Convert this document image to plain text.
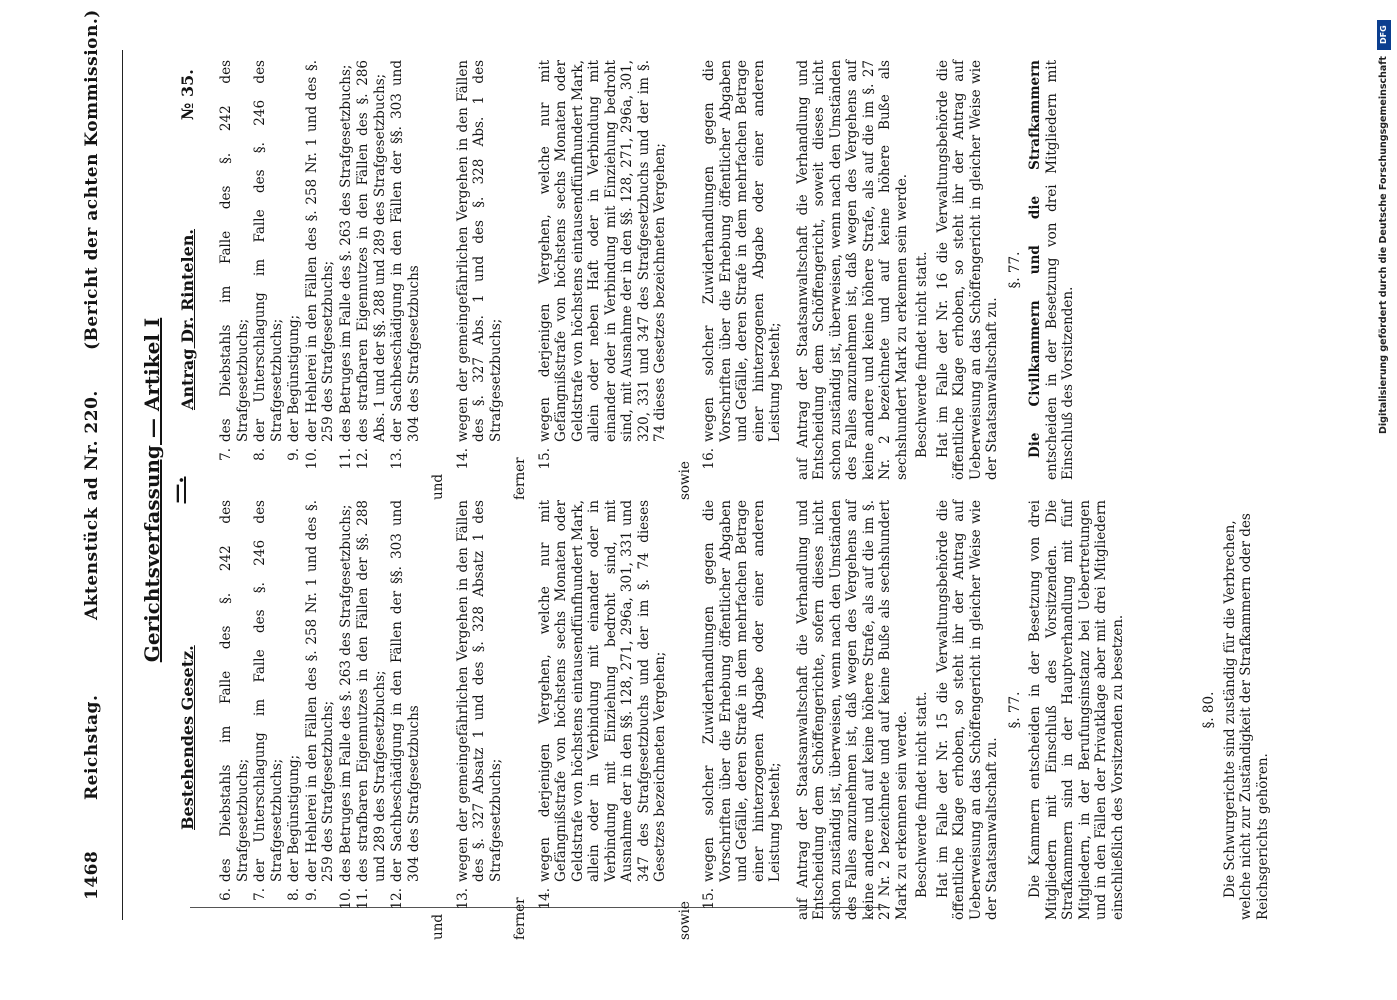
1468
Reichstag.
Aktenstück ad Nr. 220.
(Bericht der achten Kommission.)
Gerichtsverfassung — Artikel I —.
Bestehendes Gesetz.
Antrag Dr. Rintelen.
№ 35.
6.
des Diebstahls im Falle des §. 242 des Strafgesetzbuchs;
7.
der Unterschlagung im Falle des §. 246 des Strafgesetzbuchs;
8.
der Begünstigung;
9.
der Hehlerei in den Fällen des §. 258 Nr. 1 und des §. 259 des Strafgesetzbuchs;
10.
des Betruges im Falle des §. 263 des Strafgesetzbuchs;
11.
des strafbaren Eigennutzes in den Fällen der §§. 288 und 289 des Strafgesetzbuchs;
12.
der Sachbeschädigung in den Fällen der §§. 303 und 304 des Strafgesetzbuchs
und
13.
wegen der gemeingefährlichen Vergehen in den Fällen des §. 327 Absatz 1 und des §. 328 Absatz 1 des Strafgesetzbuchs;
ferner 14.
wegen derjenigen Vergehen, welche nur mit Gefängnißstrafe von höchstens sechs Monaten oder Geldstrafe von höchstens eintausendfünfhundert Mark, allein oder in Verbindung mit einander oder in Verbindung mit Einziehung bedroht sind, mit Ausnahme der in den §§. 128, 271, 296a, 301, 331 und 347 des Strafgesetzbuchs und der im §. 74 dieses Gesetzes bezeichneten Vergehen;
sowie
15.
wegen solcher Zuwiderhandlungen gegen die Vorschriften über die Erhebung öffentlicher Abgaben und Gefälle, deren Strafe in dem mehrfachen Betrage einer hinterzogenen Abgabe oder einer anderen Leistung besteht; auf Antrag der Staatsanwaltschaft die Verhandlung und Entscheidung dem Schöffengerichte, sofern dieses nicht schon zuständig ist, überweisen, wenn nach den Umständen des Falles anzunehmen ist, daß wegen des Vergehens auf keine andere und auf keine höhere Strafe, als auf die im §. 27 Nr. 2 bezeichnete und auf keine Buße als sechshundert Mark zu erkennen sein werde. Beschwerde findet nicht statt. Hat im Falle der Nr. 15 die Verwaltungsbehörde die öffentliche Klage erhoben, so steht ihr der Antrag auf Ueberweisung an das Schöffengericht in gleicher Weise wie der Staatsanwaltschaft zu.
§. 77. Die Kammern entscheiden in der Besetzung von drei Mitgliedern mit Einschluß des Vorsitzenden. Die Strafkammern sind in der Hauptverhandlung mit fünf Mitgliedern, in der Berufungsinstanz bei Uebertretungen und in den Fällen der Privatklage aber mit drei Mitgliedern einschließlich des Vorsitzenden zu besetzen.
7.
des Diebstahls im Falle des §. 242 des Strafgesetzbuchs;
8.
der Unterschlagung im Falle des §. 246 des Strafgesetzbuchs;
9.
der Begünstigung;
10.
der Hehlerei in den Fällen des §. 258 Nr. 1 und des §. 259 des Strafgesetzbuchs;
11.
des Betruges im Falle des §. 263 des Strafgesetzbuchs;
12.
des strafbaren Eigennutzes in den Fällen des §. 286 Abs. 1 und der §§. 288 und 289 des Strafgesetzbuchs;
13.
der Sachbeschädigung in den Fällen der §§. 303 und 304 des Strafgesetzbuchs
und
14.
wegen der gemeingefährlichen Vergehen in den Fällen des §. 327 Abs. 1 und des §. 328 Abs. 1 des Strafgesetzbuchs;
ferner 15.
wegen derjenigen Vergehen, welche nur mit Gefängnißstrafe von höchstens sechs Monaten oder Geldstrafe von höchstens eintausendfünfhundert Mark, allein oder neben Haft oder in Verbindung mit einander oder in Verbindung mit Einziehung bedroht sind, mit Ausnahme der in den §§. 128, 271, 296a, 301, 320, 331 und 347 des Strafgesetzbuchs und der im §. 74 dieses Gesetzes bezeichneten Vergehen;
sowie
16.
wegen solcher Zuwiderhandlungen gegen die Vorschriften über die Erhebung öffentlicher Abgaben und Gefälle, deren Strafe in dem mehrfachen Betrage einer hinterzogenen Abgabe oder einer anderen Leistung besteht; auf Antrag der Staatsanwaltschaft die Verhandlung und Entscheidung dem Schöffengericht, soweit dieses nicht schon zuständig ist, überweisen, wenn nach den Umständen des Falles anzunehmen ist, daß wegen des Vergehens auf keine andere und keine höhere Strafe, als auf die im §. 27 Nr. 2 bezeichnete und auf keine höhere Buße als sechshundert Mark zu erkennen sein werde. Beschwerde findet nicht statt. Hat im Falle der Nr. 16 die Verwaltungsbehörde die öffentliche Klage erhoben, so steht ihr der Antrag auf Ueberweisung an das Schöffengericht in gleicher Weise wie der Staatsanwaltschaft zu.
§. 77. Die Civilkammern und die Strafkammern entscheiden in der Besetzung von drei Mitgliedern mit Einschluß des Vorsitzenden.
§. 80. Die Schwurgerichte sind zuständig für die Verbrechen, welche nicht zur Zuständigkeit der Strafkammern oder des Reichsgerichts gehören.
DFG
Digitalisierung gefördert durch die Deutsche Forschungsgemeinschaft
